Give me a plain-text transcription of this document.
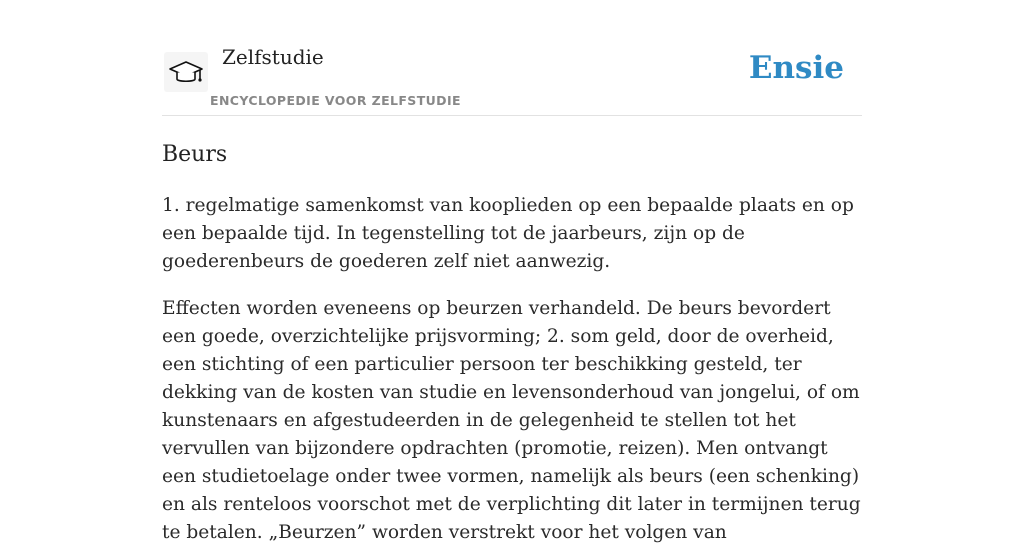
Zelfstudie
ENCYCLOPEDIE VOOR ZELFSTUDIE
Ensie
Beurs

1. regelmatige samenkomst van kooplieden op een bepaalde plaats en op een bepaalde tijd. In tegenstelling tot de jaarbeurs, zijn op de goederenbeurs de goederen zelf niet aanwezig.

Effecten worden eveneens op beurzen verhandeld. De beurs bevordert een goede, overzichtelijke prijsvorming; 2. som geld, door de overheid, een stichting of een particulier persoon ter beschikking gesteld, ter dekking van de kosten van studie en levensonderhoud van jongelui, of om kunstenaars en afgestudeerden in de gelegenheid te stellen tot het vervullen van bijzondere opdrachten (promotie, reizen). Men ontvangt een studietoelage onder twee vormen, namelijk als beurs (een schenking) en als renteloos voorschot met de verplichting dit later in termijnen terug te betalen. „Beurzen” worden verstrekt voor het volgen van
